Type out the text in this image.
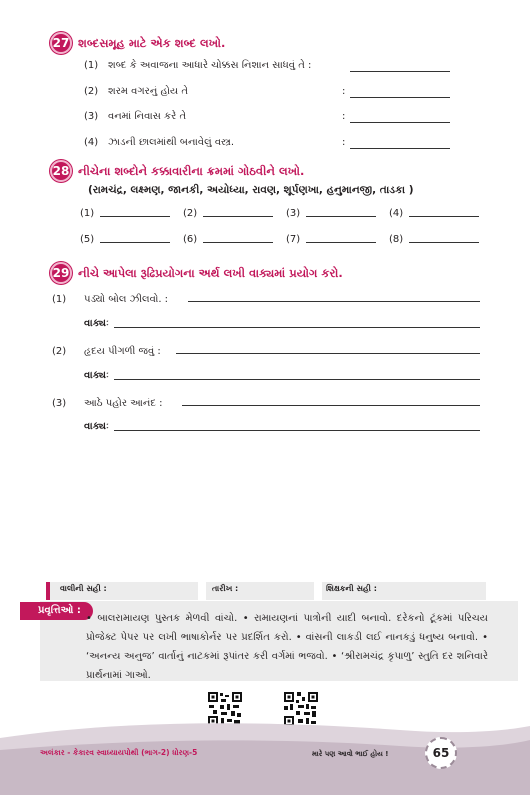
27 શબ્દસમૂહ માટે એક શબ્દ લખો.
(1) શબ્દ કે અવાજના આધારે ચોક્કસ નિશાન સાધવું તે :
(2) શરમ વગરનું હોય તે	:
(3) વનમાં નિવાસ કરે તે	:
(4) ઝાડની છાલમાંથી બનાવેલું વસ્ત્ર.	:
28 નીચેના શબ્દોને કક્કાવારીના ક્રમમાં ગોઠવીને લખો.
(રામચંદ્ર, લક્ષ્મણ, જાનકી, અયોધ્યા, રાવણ, શૂર્પણખા, હનુમાનજી, તાડકા )
(1)	(2)	(3)	(4)
(5)	(6)	(7)	(8)
29 નીચે આપેલા રૂઢિપ્રયોગના અર્થ લખી વાક્યમાં પ્રયોગ કરો.
(1) પડ્યો બોલ ઝીલવો. :
વાક્યઃ
(2) હૃદય પીગળી જવું :
વાક્યઃ
(3) આઠે પહોર આનંદ :
વાક્યઃ
વાલીની સહી :	તારીખ :	શિક્ષકની સહી :
પ્રવૃત્તિઓ :
• બાલરામાયણ પુસ્તક મેળવી વાંચો. • રામાયણનાં પાત્રોની યાદી બનાવો. દરેકનો ટૂંકમાં પરિચય પ્રોજેક્ટ પેપર પર લખી ભાષાકોર્નર પર પ્રદર્શિત કરો. • વાંસની લાકડી લઈ નાનકડું ધનુષ્ય બનાવો. • ‘અનન્ય અનુજ’ વાર્તાનું નાટકમાં રૂપાંતર કરી વર્ગમાં ભજવો. • ‘શ્રીરામચંદ્ર કૃપાળુ’ સ્તુતિ દર શનિવારે પ્રાર્થનામાં ગાઓ.
અલંકાર - કેકારવ સ્વાધ્યાયપોથી (ભાગ-2) ધોરણ-5	મારે પણ આવો ભાઈ હોય !	65
